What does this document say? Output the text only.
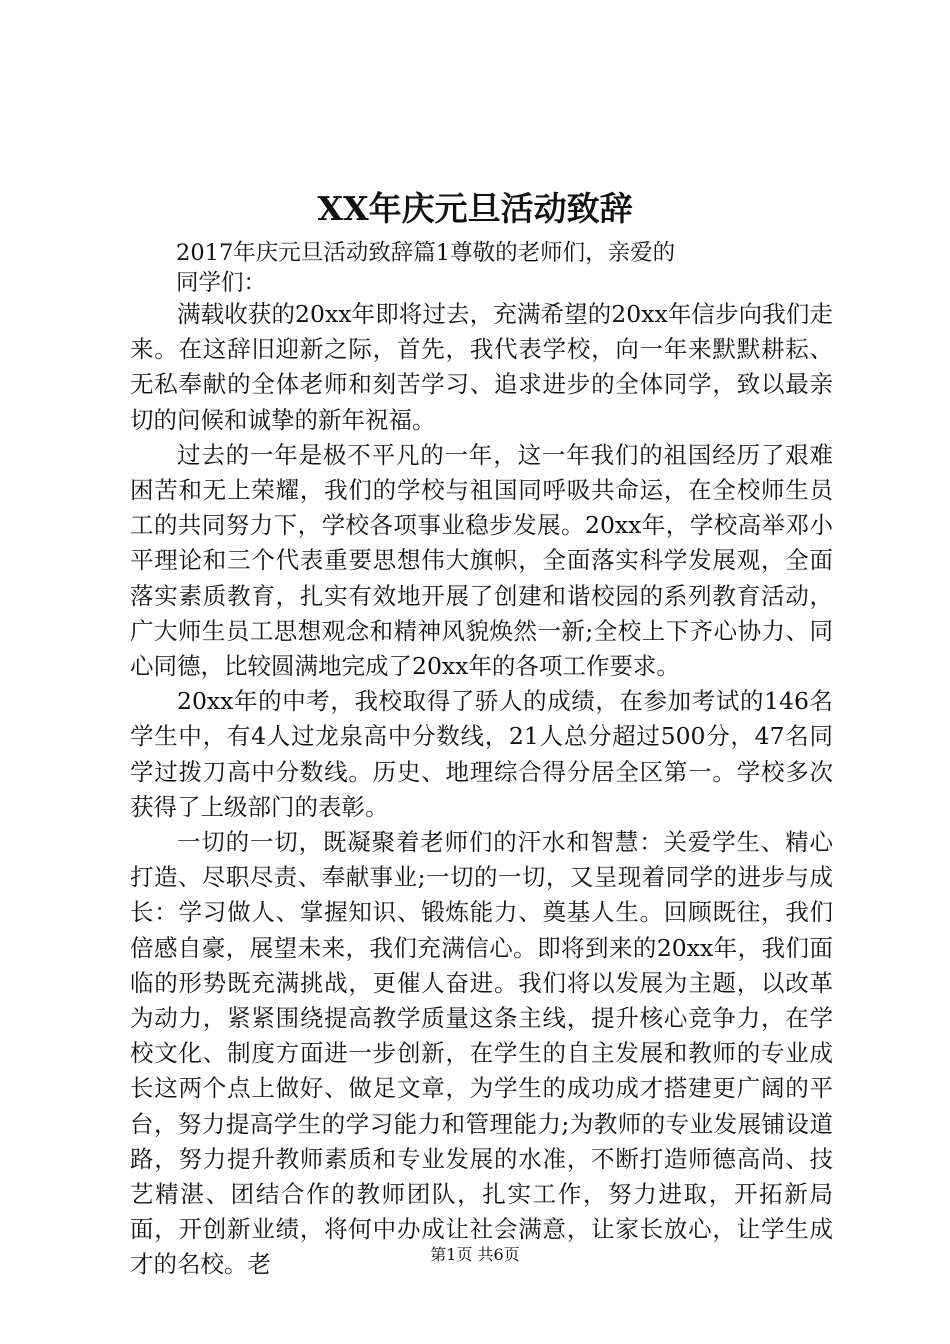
XX年庆元旦活动致辞
2017年庆元旦活动致辞篇1尊敬的老师们，亲爱的
同学们：

满载收获的20xx年即将过去，充满希望的20xx年信步向我们走来。在这辞旧迎新之际，首先，我代表学校，向一年来默默耕耘、无私奉献的全体老师和刻苦学习、追求进步的全体同学，致以最亲切的问候和诚挚的新年祝福。

过去的一年是极不平凡的一年，这一年我们的祖国经历了艰难困苦和无上荣耀，我们的学校与祖国同呼吸共命运，在全校师生员工的共同努力下，学校各项事业稳步发展。20xx年，学校高举邓小平理论和三个代表重要思想伟大旗帜，全面落实科学发展观，全面落实素质教育，扎实有效地开展了创建和谐校园的系列教育活动，广大师生员工思想观念和精神风貌焕然一新;全校上下齐心协力、同心同德，比较圆满地完成了20xx年的各项工作要求。

20xx年的中考，我校取得了骄人的成绩，在参加考试的146名学生中，有4人过龙泉高中分数线，21人总分超过500分，47名同学过拨刀高中分数线。历史、地理综合得分居全区第一。学校多次获得了上级部门的表彰。

一切的一切，既凝聚着老师们的汗水和智慧：关爱学生、精心打造、尽职尽责、奉献事业;一切的一切，又呈现着同学的进步与成长：学习做人、掌握知识、锻炼能力、奠基人生。回顾既往，我们倍感自豪，展望未来，我们充满信心。即将到来的20xx年，我们面临的形势既充满挑战，更催人奋进。我们将以发展为主题，以改革为动力，紧紧围绕提高教学质量这条主线，提升核心竞争力，在学校文化、制度方面进一步创新，在学生的自主发展和教师的专业成长这两个点上做好、做足文章，为学生的成功成才搭建更广阔的平台，努力提高学生的学习能力和管理能力;为教师的专业发展铺设道路，努力提升教师素质和专业发展的水准，不断打造师德高尚、技艺精湛、团结合作的教师团队，扎实工作，努力进取，开拓新局面，开创新业绩，将何中办成让社会满意，让家长放心，让学生成才的名校。老	第1页 共6页
